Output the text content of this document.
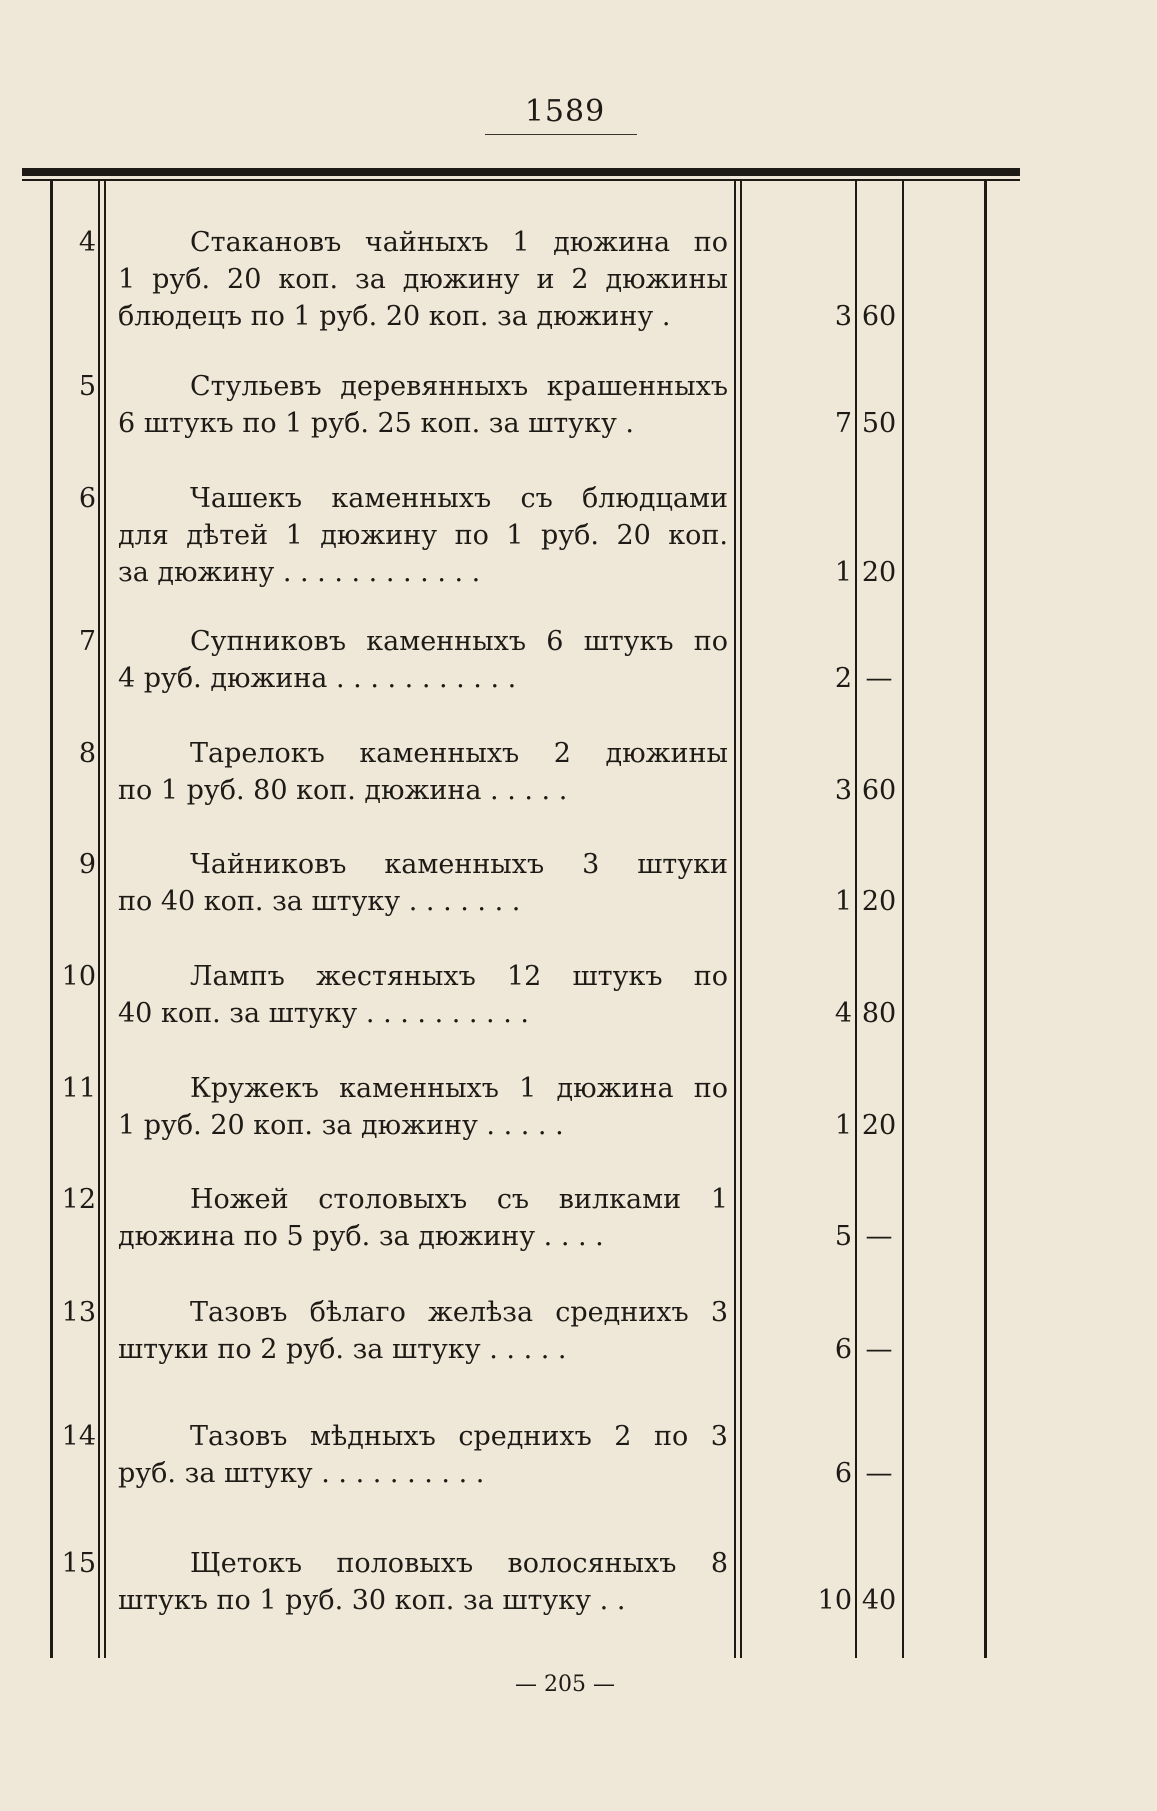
1589
4	Стакановъ чайныхъ 1 дюжина по
1 руб. 20 коп. за дюжину и 2 дюжины
блюдецъ по 1 руб. 20 коп. за дюжину .	3 60
5	Стульевъ деревянныхъ крашенныхъ
6 штукъ по 1 руб. 25 коп. за штуку .	7 50
6	Чашекъ каменныхъ съ блюдцами
для дѣтей 1 дюжину по 1 руб. 20 коп.
за дюжину . . . . . . . . . . . .	1 20
7	Супниковъ каменныхъ 6 штукъ по
4 руб. дюжина . . . . . . . . . . .	2 —
8	Тарелокъ каменныхъ 2 дюжины
по 1 руб. 80 коп. дюжина . . . . .	3 60
9	Чайниковъ каменныхъ 3 штуки
по 40 коп. за штуку . . . . . . .	1 20
10	Лампъ жестяныхъ 12 штукъ по
40 коп. за штуку . . . . . . . . . .	4 80
11	Кружекъ каменныхъ 1 дюжина по
1 руб. 20 коп. за дюжину . . . . .	1 20
12	Ножей столовыхъ съ вилками 1
дюжина по 5 руб. за дюжину . . . .	5 —
13	Тазовъ бѣлаго желѣза среднихъ 3
штуки по 2 руб. за штуку . . . . .	6 —
14	Тазовъ мѣдныхъ среднихъ 2 по 3
руб. за штуку . . . . . . . . . .	6 —
15	Щетокъ половыхъ волосяныхъ 8
штукъ по 1 руб. 30 коп. за штуку . .	10 40
— 205 —
